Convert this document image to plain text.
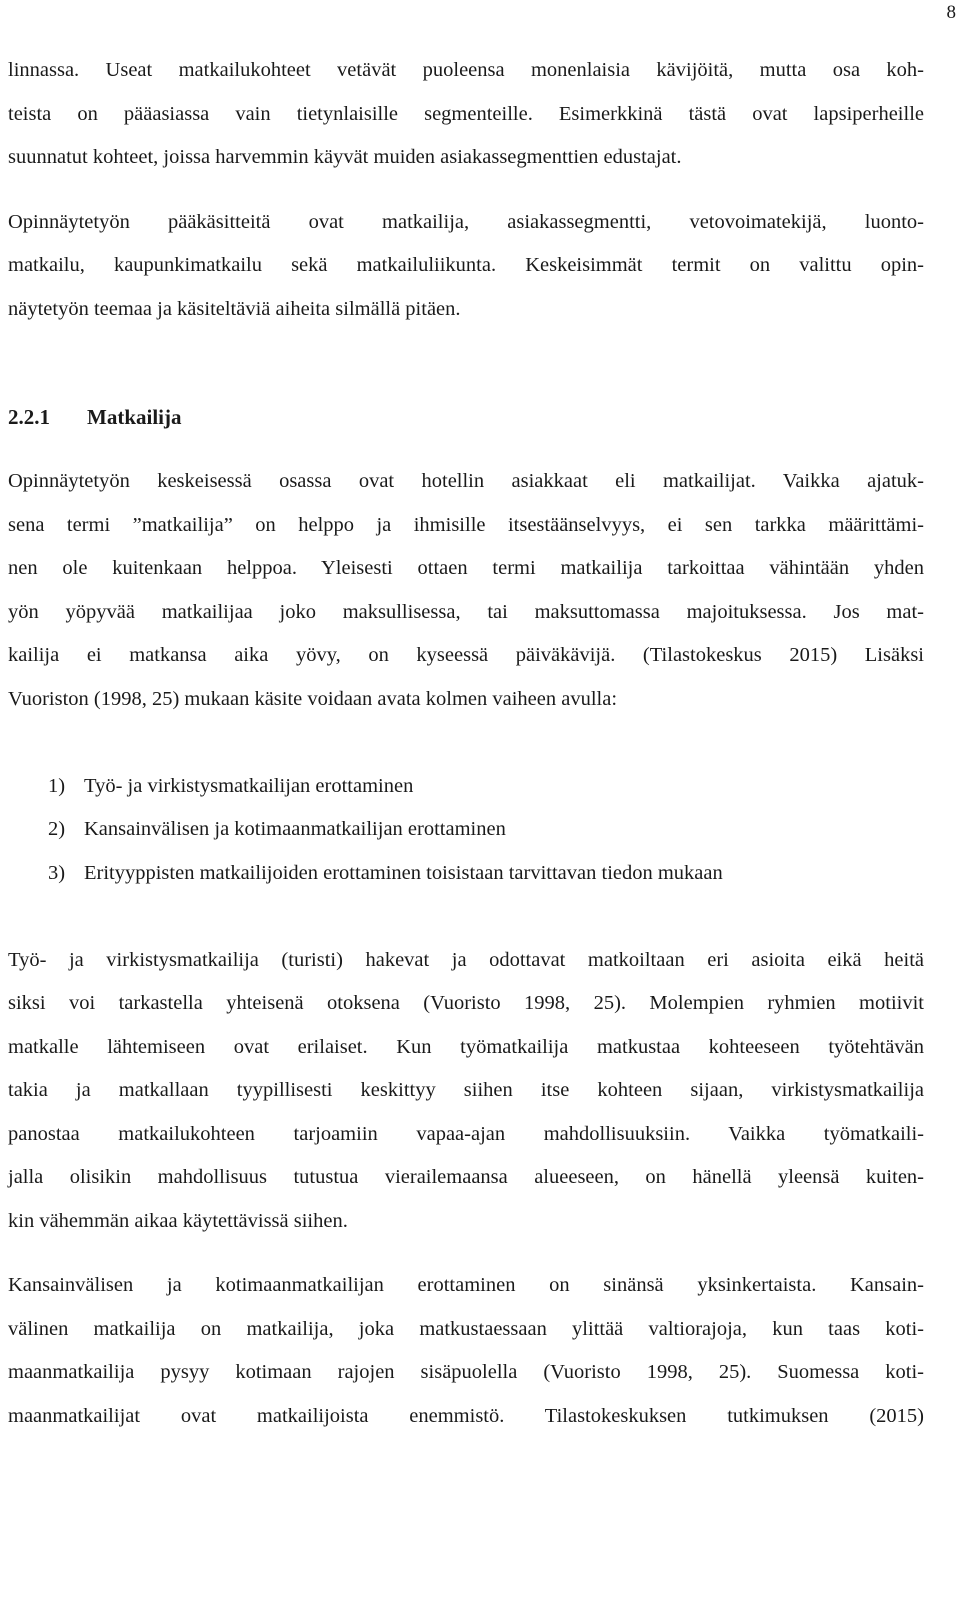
8
linnassa. Useat matkailukohteet vetävät puoleensa monenlaisia kävijöitä, mutta osa koh-
teista on pääasiassa vain tietynlaisille segmenteille. Esimerkkinä tästä ovat lapsiperheille
suunnatut kohteet, joissa harvemmin käyvät muiden asiakassegmenttien edustajat.
Opinnäytetyön pääkäsitteitä ovat matkailija, asiakassegmentti, vetovoimatekijä, luonto-
matkailu, kaupunkimatkailu sekä matkailuliikunta. Keskeisimmät termit on valittu opin-
näytetyön teemaa ja käsiteltäviä aiheita silmällä pitäen.
2.2.1 Matkailija
Opinnäytetyön keskeisessä osassa ovat hotellin asiakkaat eli matkailijat. Vaikka ajatuk-
sena termi ”matkailija” on helppo ja ihmisille itsestäänselvyys, ei sen tarkka määrittämi-
nen ole kuitenkaan helppoa. Yleisesti ottaen termi matkailija tarkoittaa vähintään yhden
yön yöpyvää matkailijaa joko maksullisessa, tai maksuttomassa majoituksessa. Jos mat-
kailija ei matkansa aika yövy, on kyseessä päiväkävijä. (Tilastokeskus 2015) Lisäksi
Vuoriston (1998, 25) mukaan käsite voidaan avata kolmen vaiheen avulla:
1) Työ- ja virkistysmatkailijan erottaminen
2) Kansainvälisen ja kotimaanmatkailijan erottaminen
3) Erityyppisten matkailijoiden erottaminen toisistaan tarvittavan tiedon mukaan
Työ- ja virkistysmatkailija (turisti) hakevat ja odottavat matkoiltaan eri asioita eikä heitä
siksi voi tarkastella yhteisenä otoksena (Vuoristo 1998, 25). Molempien ryhmien motiivit
matkalle lähtemiseen ovat erilaiset. Kun työmatkailija matkustaa kohteeseen työtehtävän
takia ja matkallaan tyypillisesti keskittyy siihen itse kohteen sijaan, virkistysmatkailija
panostaa matkailukohteen tarjoamiin vapaa-ajan mahdollisuuksiin. Vaikka työmatkaili-
jalla olisikin mahdollisuus tutustua vierailemaansa alueeseen, on hänellä yleensä kuiten-
kin vähemmän aikaa käytettävissä siihen.
Kansainvälisen ja kotimaanmatkailijan erottaminen on sinänsä yksinkertaista. Kansain-
välinen matkailija on matkailija, joka matkustaessaan ylittää valtiorajoja, kun taas koti-
maanmatkailija pysyy kotimaan rajojen sisäpuolella (Vuoristo 1998, 25). Suomessa koti-
maanmatkailijat ovat matkailijoista enemmistö. Tilastokeskuksen tutkimuksen (2015)
